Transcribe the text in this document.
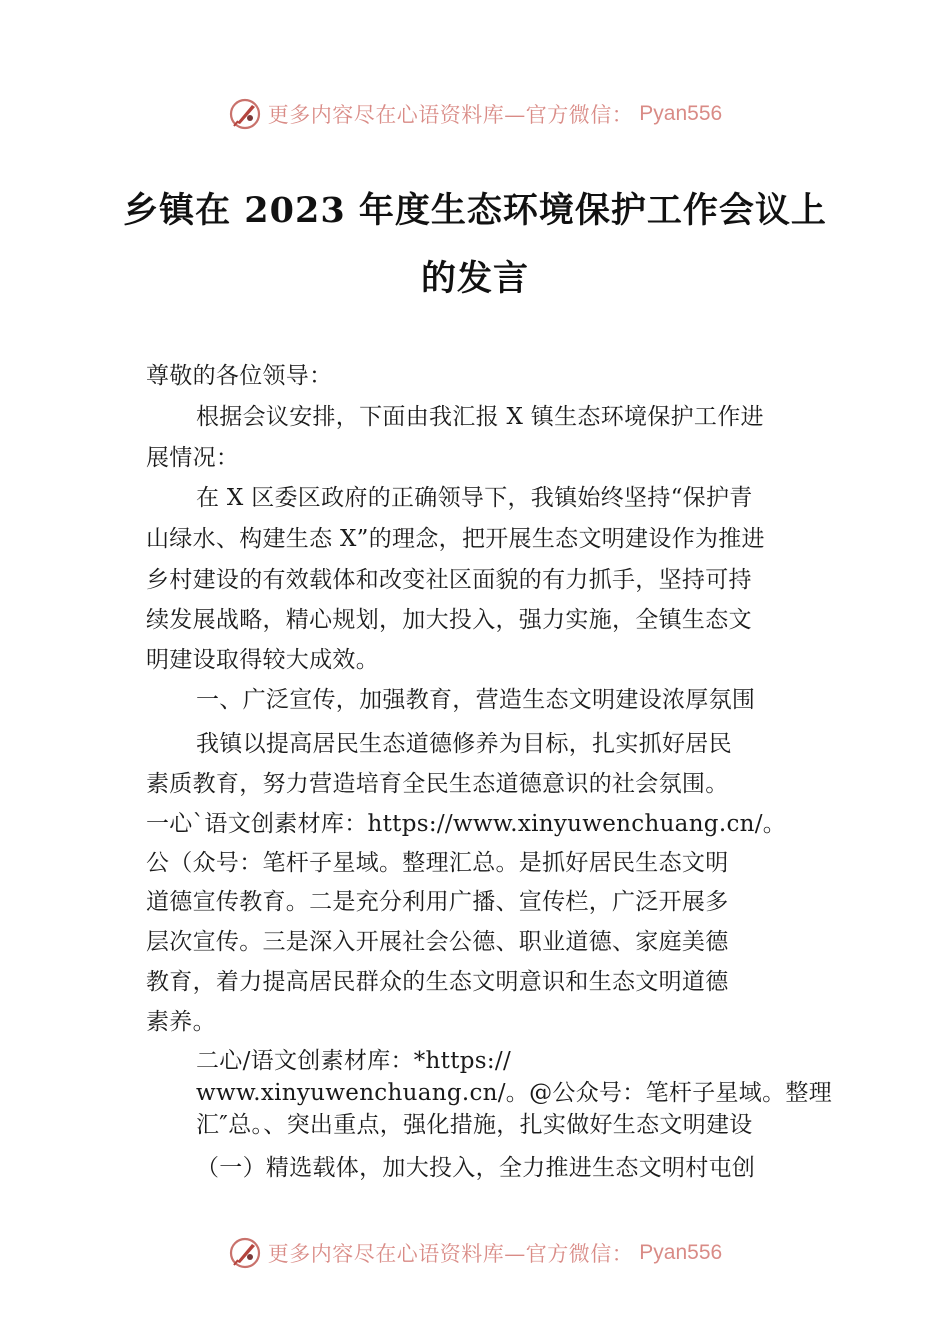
更多内容尽在心语资料库—官方微信： Pyan556
乡镇在 2023 年度生态环境保护工作会议上
的发言
尊敬的各位领导：
根据会议安排，下面由我汇报 X 镇生态环境保护工作进
展情况：
在 X 区委区政府的正确领导下，我镇始终坚持“保护青
山绿水、构建生态 X”的理念，把开展生态文明建设作为推进
乡村建设的有效载体和改变社区面貌的有力抓手，坚持可持
续发展战略，精心规划，加大投入，强力实施，全镇生态文
明建设取得较大成效。
一、广泛宣传，加强教育，营造生态文明建设浓厚氛围
我镇以提高居民生态道德修养为目标，扎实抓好居民
素质教育，努力营造培育全民生态道德意识的社会氛围。
一心`语文创素材库：https://www.xinyuwenchuang.cn/。
公（众号：笔杆子星域。整理汇总。是抓好居民生态文明
道德宣传教育。二是充分利用广播、宣传栏，广泛开展多
层次宣传。三是深入开展社会公德、职业道德、家庭美德
教育，着力提高居民群众的生态文明意识和生态文明道德
素养。
二心/语文创素材库：*https://
www.xinyuwenchuang.cn/。@公众号：笔杆子星域。整理
汇″总。、突出重点，强化措施，扎实做好生态文明建设
（一）精选载体，加大投入，全力推进生态文明村屯创
更多内容尽在心语资料库—官方微信： Pyan556
